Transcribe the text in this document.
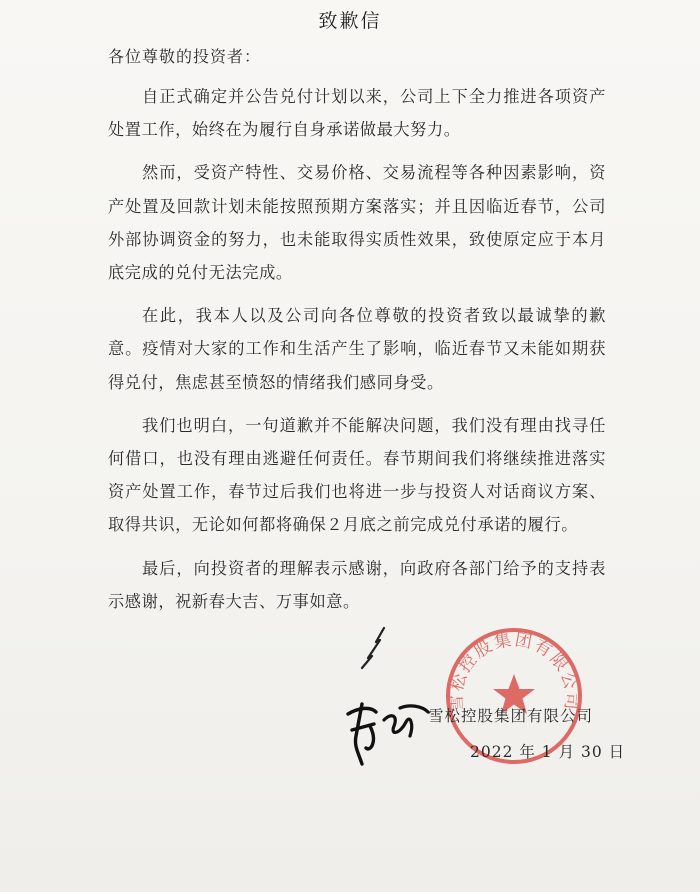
致歉信
各位尊敬的投资者：

自正式确定并公告兑付计划以来，公司上下全力推进各项资产处置工作，始终在为履行自身承诺做最大努力。

然而，受资产特性、交易价格、交易流程等各种因素影响，资产处置及回款计划未能按照预期方案落实；并且因临近春节，公司外部协调资金的努力，也未能取得实质性效果，致使原定应于本月底完成的兑付无法完成。

在此，我本人以及公司向各位尊敬的投资者致以最诚挚的歉意。疫情对大家的工作和生活产生了影响，临近春节又未能如期获得兑付，焦虑甚至愤怒的情绪我们感同身受。

我们也明白，一句道歉并不能解决问题，我们没有理由找寻任何借口，也没有理由逃避任何责任。春节期间我们将继续推进落实资产处置工作，春节过后我们也将进一步与投资人对话商议方案、取得共识，无论如何都将确保２月底之前完成兑付承诺的履行。

最后，向投资者的理解表示感谢，向政府各部门给予的支持表示感谢，祝新春大吉、万事如意。

雪松控股集团有限公司
雪松控股集团有限公司
2022 年 1 月 30 日
